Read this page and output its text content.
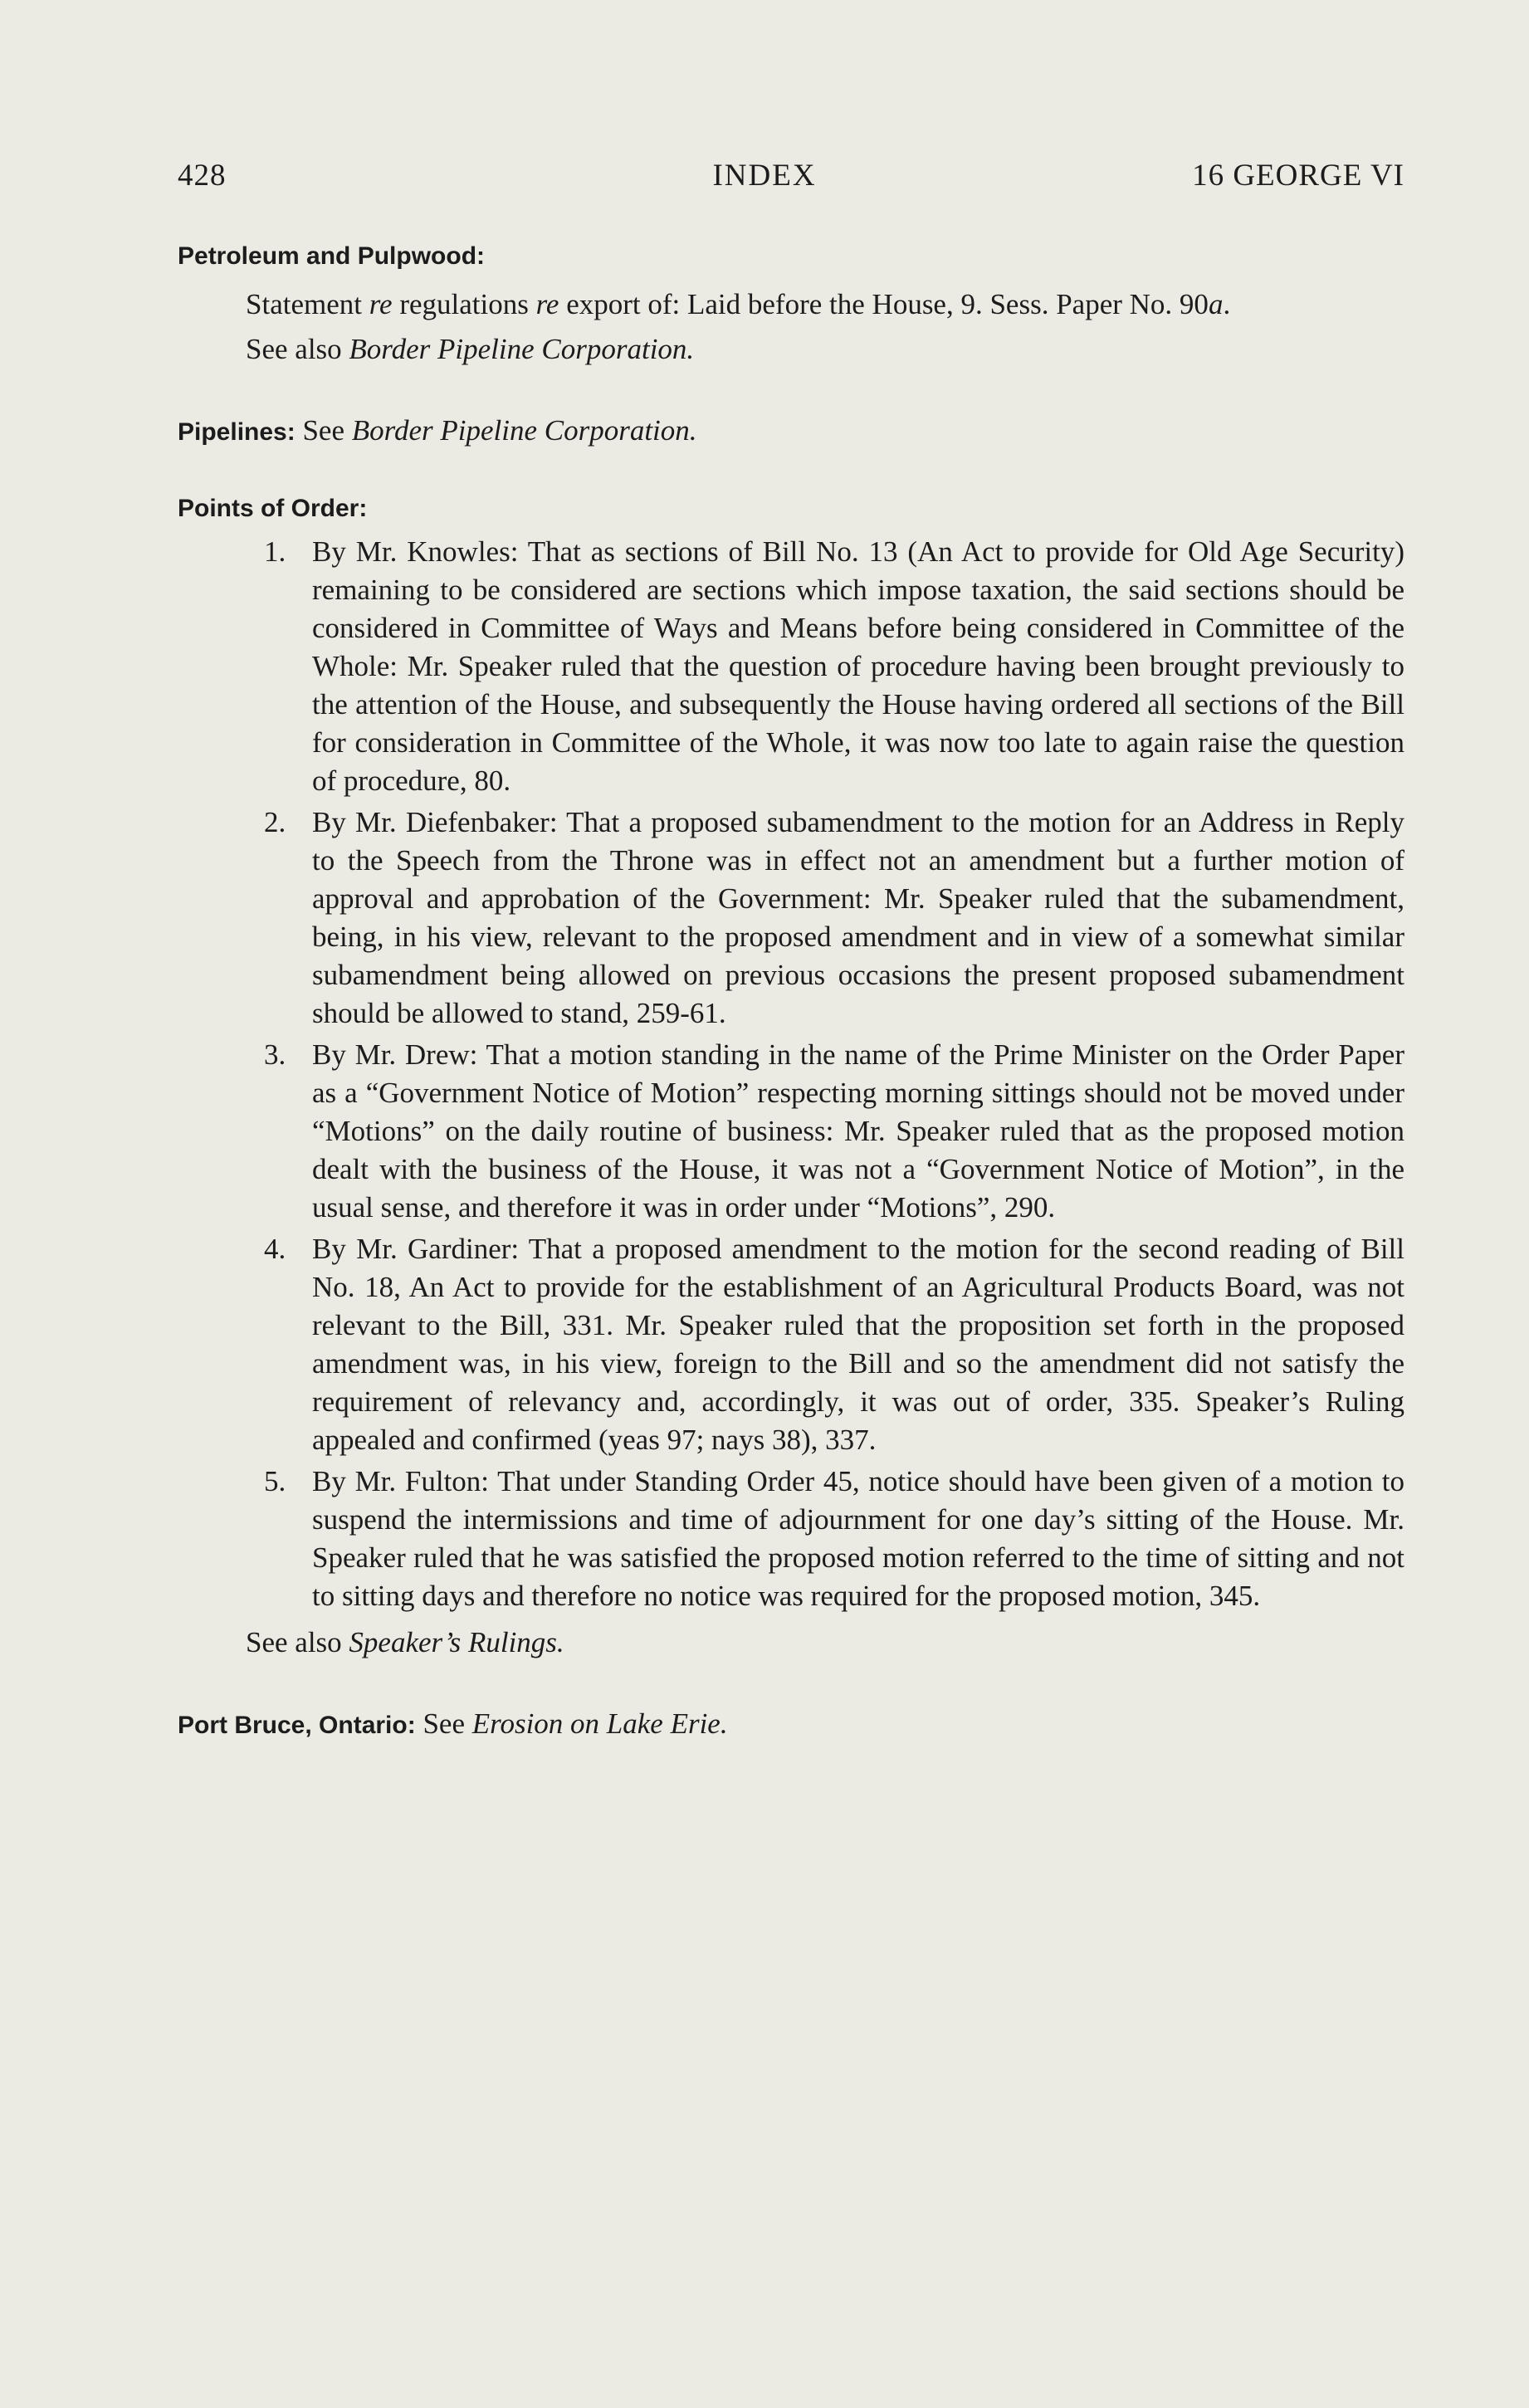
428	INDEX	16 GEORGE VI
Petroleum and Pulpwood:
Statement re regulations re export of: Laid before the House, 9. Sess. Paper No. 90a.
See also Border Pipeline Corporation.
Pipelines: See Border Pipeline Corporation.
Points of Order:
1. By Mr. Knowles: That as sections of Bill No. 13 (An Act to provide for Old Age Security) remaining to be considered are sections which impose taxation, the said sections should be considered in Committee of Ways and Means before being considered in Committee of the Whole: Mr. Speaker ruled that the question of procedure having been brought previously to the attention of the House, and subsequently the House having ordered all sections of the Bill for consideration in Committee of the Whole, it was now too late to again raise the question of procedure, 80.
2. By Mr. Diefenbaker: That a proposed subamendment to the motion for an Address in Reply to the Speech from the Throne was in effect not an amendment but a further motion of approval and approbation of the Government: Mr. Speaker ruled that the subamendment, being, in his view, relevant to the proposed amendment and in view of a somewhat similar subamendment being allowed on previous occasions the present proposed subamendment should be allowed to stand, 259-61.
3. By Mr. Drew: That a motion standing in the name of the Prime Minister on the Order Paper as a “Government Notice of Motion” respecting morning sittings should not be moved under “Motions” on the daily routine of business: Mr. Speaker ruled that as the proposed motion dealt with the business of the House, it was not a “Government Notice of Motion”, in the usual sense, and therefore it was in order under “Motions”, 290.
4. By Mr. Gardiner: That a proposed amendment to the motion for the second reading of Bill No. 18, An Act to provide for the establishment of an Agricultural Products Board, was not relevant to the Bill, 331. Mr. Speaker ruled that the proposition set forth in the proposed amendment was, in his view, foreign to the Bill and so the amendment did not satisfy the requirement of relevancy and, accordingly, it was out of order, 335. Speaker’s Ruling appealed and confirmed (yeas 97; nays 38), 337.
5. By Mr. Fulton: That under Standing Order 45, notice should have been given of a motion to suspend the intermissions and time of adjournment for one day’s sitting of the House. Mr. Speaker ruled that he was satisfied the proposed motion referred to the time of sitting and not to sitting days and therefore no notice was required for the proposed motion, 345.
See also Speaker’s Rulings.
Port Bruce, Ontario: See Erosion on Lake Erie.
